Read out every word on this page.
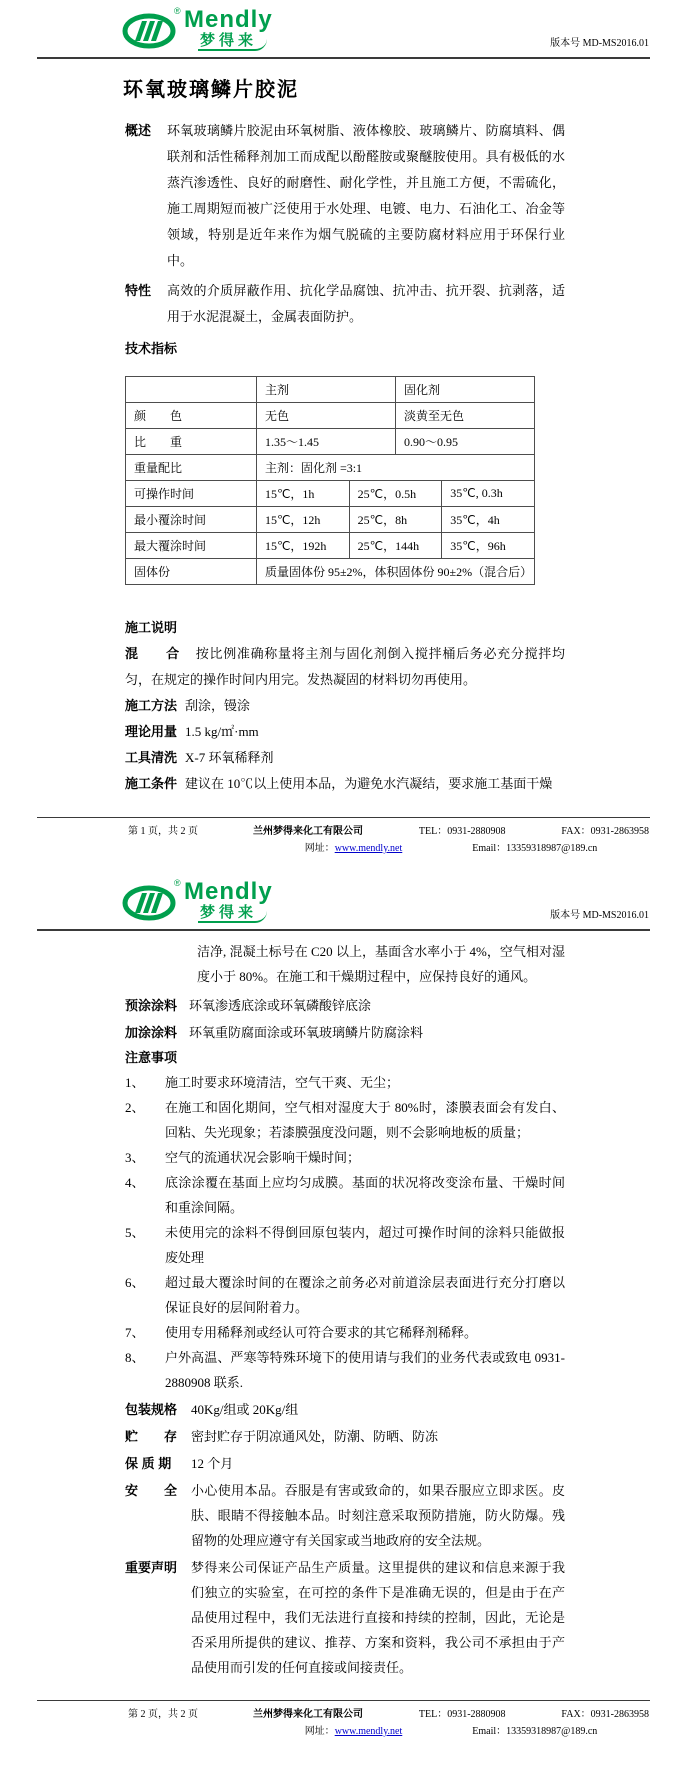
® Mendly
梦得来	版本号 MD-MS2016.01
环氧玻璃鳞片胶泥
概述	环氧玻璃鳞片胶泥由环氧树脂、液体橡胶、玻璃鳞片、防腐填料、偶联剂和活性稀释剂加工而成配以酚醛胺或聚醚胺使用。具有极低的水蒸汽渗透性、良好的耐磨性、耐化学性，并且施工方便，不需硫化，施工周期短而被广泛使用于水处理、电镀、电力、石油化工、冶金等领域，特别是近年来作为烟气脱硫的主要防腐材料应用于环保行业中。
特性	高效的介质屏蔽作用、抗化学品腐蚀、抗冲击、抗开裂、抗剥落，适用于水泥混凝土，金属表面防护。
技术指标
	主剂		固化剂	
颜　　色	无色		淡黄至无色	
比　　重	1.35～1.45		0.90～0.95	
重量配比	主剂：固化剂 =3:1			
可操作时间	15℃，1h	25℃，0.5h		35℃, 0.3h
最小覆涂时间	15℃，12h	25℃，8h		35℃，4h
最大覆涂时间	15℃，192h	25℃，144h		35℃，96h
固体份	质量固体份 95±2%，体积固体份 90±2%（混合后）			
施工说明
混　　合 按比例准确称量将主剂与固化剂倒入搅拌桶后务必充分搅拌均匀，在规定的操作时间内用完。发热凝固的材料切勿再使用。
施工方法 刮涂，镘涂
理论用量 1.5 kg/㎡·mm
工具清洗 X-7 环氧稀释剂
施工条件 建议在 10℃以上使用本品，为避免水汽凝结，要求施工基面干燥
第 1 页，共 2 页	兰州梦得来化工有限公司	TEL：0931-2880908	FAX：0931-2863958
网址：www.mendly.net	Email：13359318987@189.cn
® Mendly
梦得来	版本号 MD-MS2016.01
洁净, 混凝土标号在 C20 以上，基面含水率小于 4%，空气相对湿度小于 80%。在施工和干燥期过程中，应保持良好的通风。
预涂涂料 环氧渗透底涂或环氧磷酸锌底涂
加涂涂料 环氧重防腐面涂或环氧玻璃鳞片防腐涂料
注意事项
1、	施工时要求环境清洁，空气干爽、无尘；
2、	在施工和固化期间，空气相对湿度大于 80%时，漆膜表面会有发白、回粘、失光现象；若漆膜强度没问题，则不会影响地板的质量；
3、	空气的流通状况会影响干燥时间；
4、	底涂涂覆在基面上应均匀成膜。基面的状况将改变涂布量、干燥时间和重涂间隔。
5、	未使用完的涂料不得倒回原包装内，超过可操作时间的涂料只能做报废处理
6、	超过最大覆涂时间的在覆涂之前务必对前道涂层表面进行充分打磨以保证良好的层间附着力。
7、	使用专用稀释剂或经认可符合要求的其它稀释剂稀释。
8、	户外高温、严寒等特殊环境下的使用请与我们的业务代表或致电 0931-2880908 联系.
包装规格	40Kg/组或 20Kg/组
贮　　存	密封贮存于阴凉通风处，防潮、防晒、防冻
保 质 期	12 个月
安　　全	小心使用本品。吞服是有害或致命的，如果吞服应立即求医。皮肤、眼睛不得接触本品。时刻注意采取预防措施，防火防爆。残留物的处理应遵守有关国家或当地政府的安全法规。
重要声明	梦得来公司保证产品生产质量。这里提供的建议和信息来源于我们独立的实验室，在可控的条件下是准确无误的，但是由于在产品使用过程中，我们无法进行直接和持续的控制，因此，无论是否采用所提供的建议、推荐、方案和资料，我公司不承担由于产品使用而引发的任何直接或间接责任。
第 2 页，共 2 页	兰州梦得来化工有限公司	TEL：0931-2880908	FAX：0931-2863958
网址：www.mendly.net	Email：13359318987@189.cn
